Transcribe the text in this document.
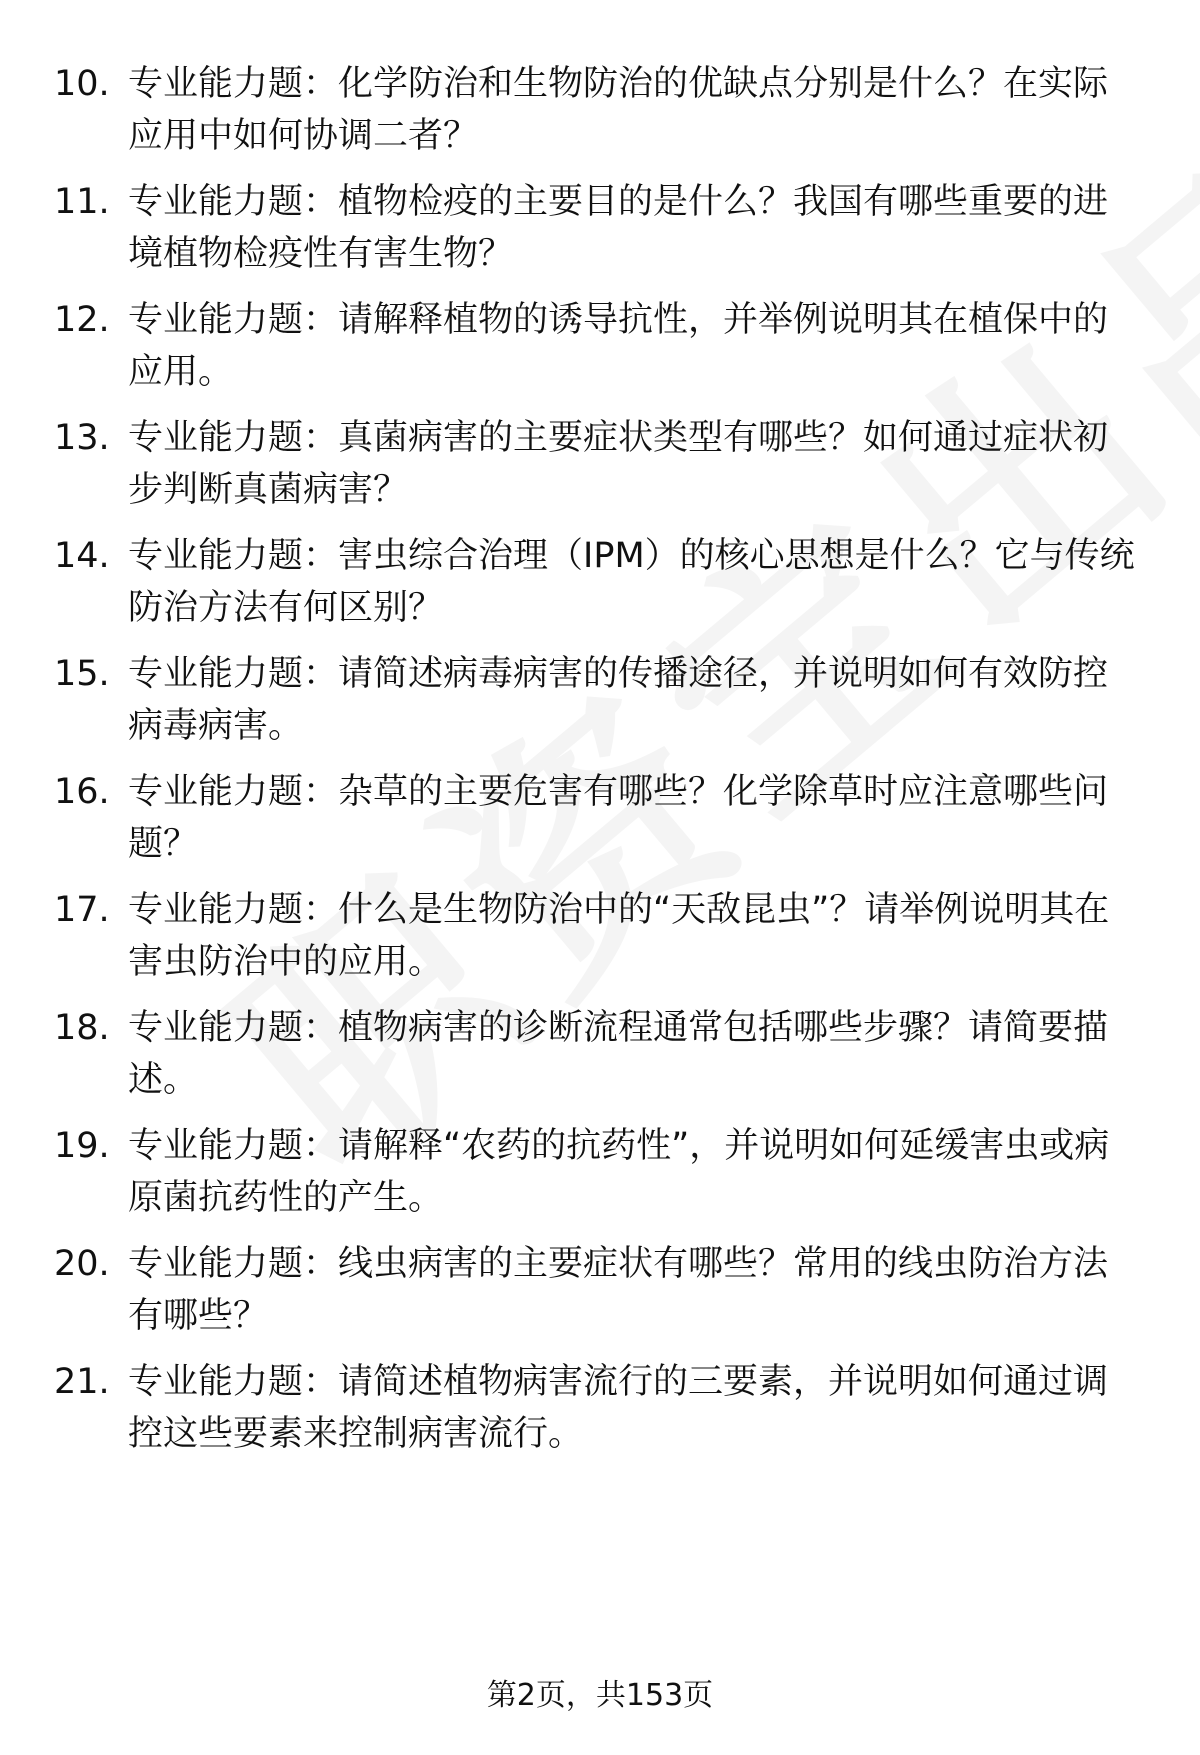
10. 专业能力题：化学防治和生物防治的优缺点分别是什么？在实际应用中如何协调二者？
11. 专业能力题：植物检疫的主要目的是什么？我国有哪些重要的进境植物检疫性有害生物？
12. 专业能力题：请解释植物的诱导抗性，并举例说明其在植保中的应用。
13. 专业能力题：真菌病害的主要症状类型有哪些？如何通过症状初步判断真菌病害？
14. 专业能力题：害虫综合治理（IPM）的核心思想是什么？它与传统防治方法有何区别？
15. 专业能力题：请简述病毒病害的传播途径，并说明如何有效防控病毒病害。
16. 专业能力题：杂草的主要危害有哪些？化学除草时应注意哪些问题？
17. 专业能力题：什么是生物防治中的“天敌昆虫”？请举例说明其在害虫防治中的应用。
18. 专业能力题：植物病害的诊断流程通常包括哪些步骤？请简要描述。
19. 专业能力题：请解释“农药的抗药性”，并说明如何延缓害虫或病原菌抗药性的产生。
20. 专业能力题：线虫病害的主要症状有哪些？常用的线虫防治方法有哪些？
21. 专业能力题：请简述植物病害流行的三要素，并说明如何通过调控这些要素来控制病害流行。
第2页，共153页
